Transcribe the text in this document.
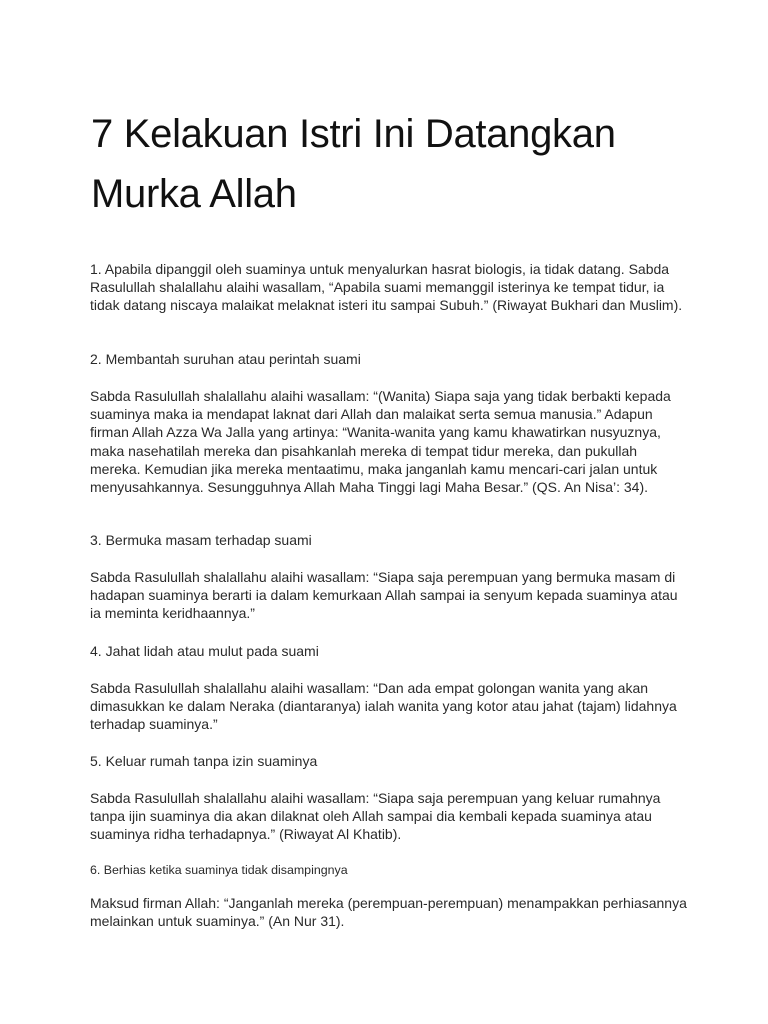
7 Kelakuan Istri Ini Datangkan Murka Allah

1. Apabila dipanggil oleh suaminya untuk menyalurkan hasrat biologis, ia tidak datang. Sabda Rasulullah shalallahu alaihi wasallam, “Apabila suami memanggil isterinya ke tempat tidur, ia tidak datang niscaya malaikat melaknat isteri itu sampai Subuh.” (Riwayat Bukhari dan Muslim).

2. Membantah suruhan atau perintah suami

Sabda Rasulullah shalallahu alaihi wasallam: “(Wanita) Siapa saja yang tidak berbakti kepada suaminya maka ia mendapat laknat dari Allah dan malaikat serta semua manusia.” Adapun firman Allah Azza Wa Jalla yang artinya: “Wanita-wanita yang kamu khawatirkan nusyuznya, maka nasehatilah mereka dan pisahkanlah mereka di tempat tidur mereka, dan pukullah mereka. Kemudian jika mereka mentaatimu, maka janganlah kamu mencari-cari jalan untuk menyusahkannya. Sesungguhnya Allah Maha Tinggi lagi Maha Besar.” (QS. An Nisa’: 34).

3. Bermuka masam terhadap suami

Sabda Rasulullah shalallahu alaihi wasallam: “Siapa saja perempuan yang bermuka masam di hadapan suaminya berarti ia dalam kemurkaan Allah sampai ia senyum kepada suaminya atau ia meminta keridhaannya.”

4. Jahat lidah atau mulut pada suami

Sabda Rasulullah shalallahu alaihi wasallam: “Dan ada empat golongan wanita yang akan dimasukkan ke dalam Neraka (diantaranya) ialah wanita yang kotor atau jahat (tajam) lidahnya terhadap suaminya.”

5. Keluar rumah tanpa izin suaminya

Sabda Rasulullah shalallahu alaihi wasallam: “Siapa saja perempuan yang keluar rumahnya tanpa ijin suaminya dia akan dilaknat oleh Allah sampai dia kembali kepada suaminya atau suaminya ridha terhadapnya.” (Riwayat Al Khatib).

6. Berhias ketika suaminya tidak disampingnya

Maksud firman Allah: “Janganlah mereka (perempuan-perempuan) menampakkan perhiasannya melainkan untuk suaminya.” (An Nur 31).
